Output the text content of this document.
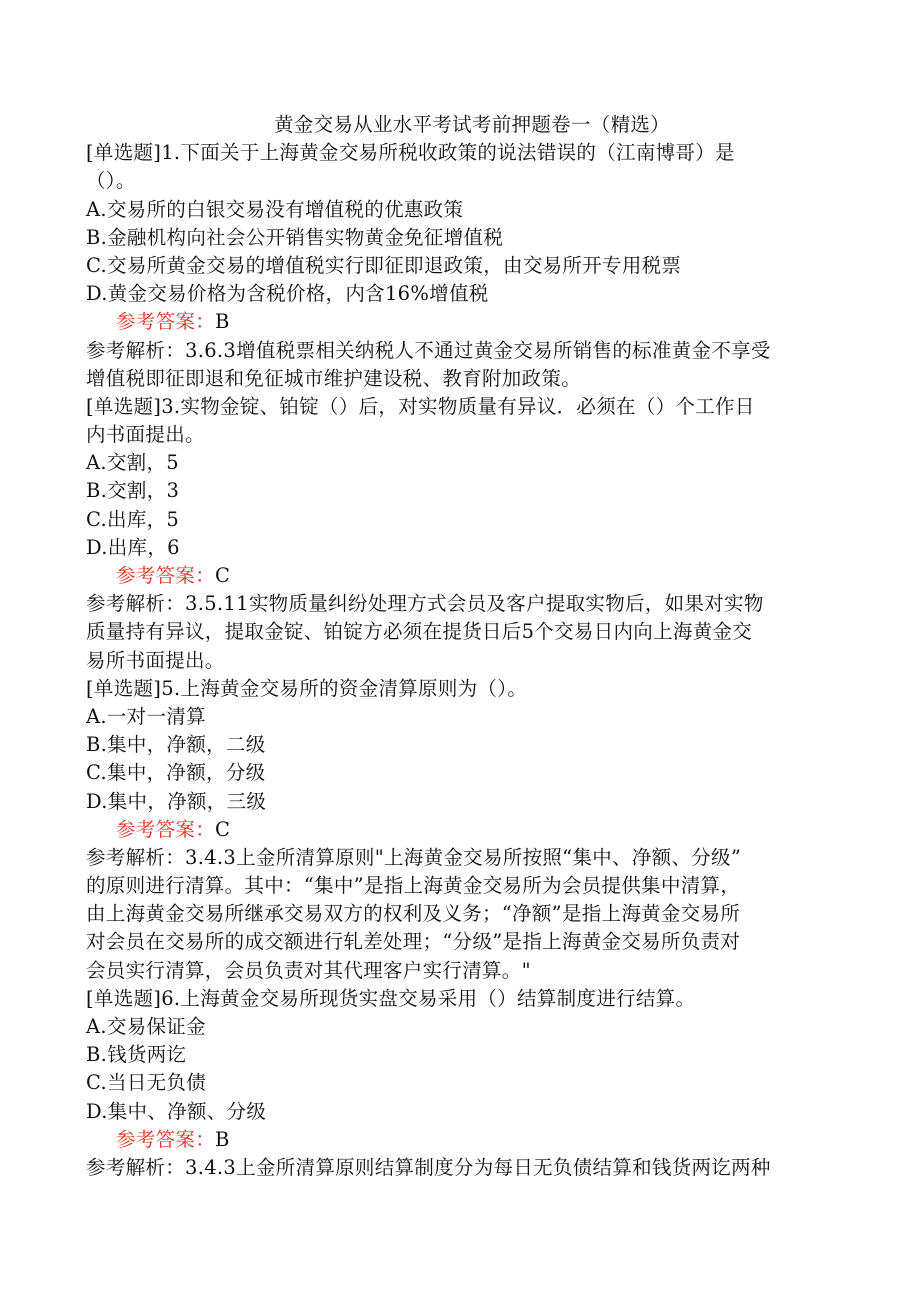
黄金交易从业水平考试考前押题卷一（精选）
[单选题]1.下面关于上海黄金交易所税收政策的说法错误的（江南博哥）是
（）。
A.交易所的白银交易没有增值税的优惠政策
B.金融机构向社会公开销售实物黄金免征增值税
C.交易所黄金交易的增值税实行即征即退政策，由交易所开专用税票
D.黄金交易价格为含税价格，内含16%增值税
参考答案：B
参考解析：3.6.3增值税票相关纳税人不通过黄金交易所销售的标准黄金不享受
增值税即征即退和免征城市维护建设税、教育附加政策。
[单选题]3.实物金锭、铂锭（）后，对实物质量有异议．必须在（）个工作日
内书面提出。
A.交割，5
B.交割，3
C.出库，5
D.出库，6
参考答案：C
参考解析：3.5.11实物质量纠纷处理方式会员及客户提取实物后，如果对实物
质量持有异议，提取金锭、铂锭方必须在提货日后5个交易日内向上海黄金交
易所书面提出。
[单选题]5.上海黄金交易所的资金清算原则为（）。
A.一对一清算
B.集中，净额，二级
C.集中，净额，分级
D.集中，净额，三级
参考答案：C
参考解析：3.4.3上金所清算原则"上海黄金交易所按照“集中、净额、分级”
的原则进行清算。其中：“集中”是指上海黄金交易所为会员提供集中清算，
由上海黄金交易所继承交易双方的权利及义务；“净额”是指上海黄金交易所
对会员在交易所的成交额进行轧差处理；“分级”是指上海黄金交易所负责对
会员实行清算，会员负责对其代理客户实行清算。"
[单选题]6.上海黄金交易所现货实盘交易采用（）结算制度进行结算。
A.交易保证金
B.钱货两讫
C.当日无负债
D.集中、净额、分级
参考答案：B
参考解析：3.4.3上金所清算原则结算制度分为每日无负债结算和钱货两讫两种
